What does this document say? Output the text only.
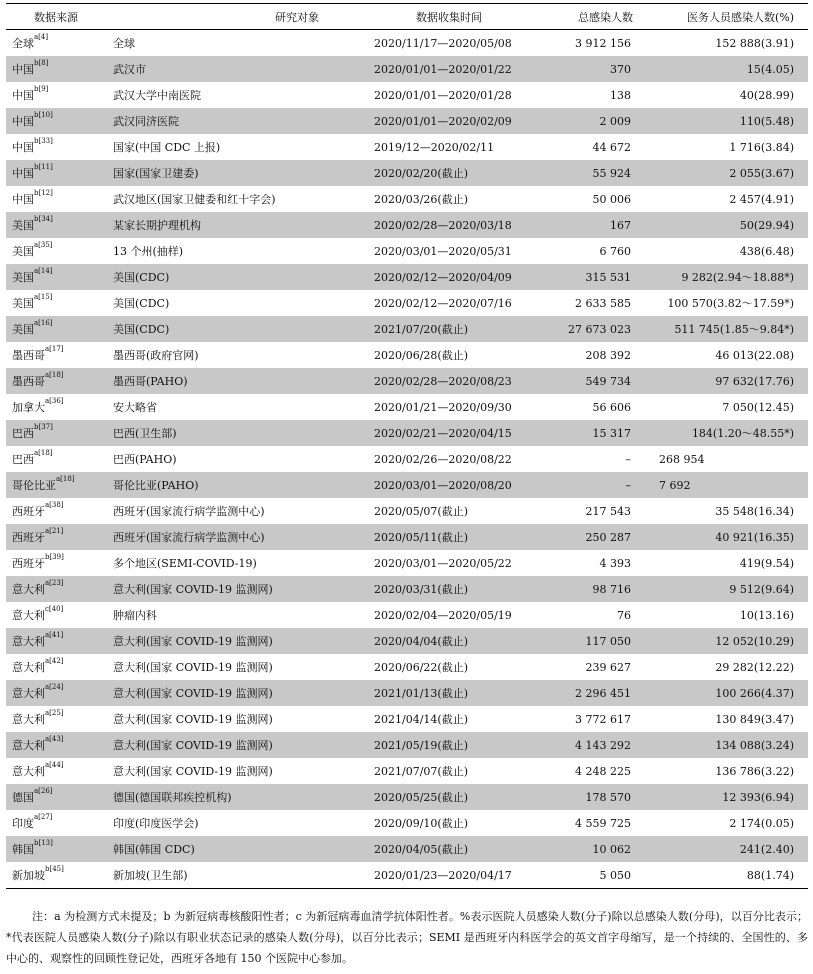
数据来源	研究对象	数据收集时间	总感染人数	医务人员感染人数(%)
全球$^{a[4]}$	全球	2020/11/17—2020/05/08	3 912 156	152 888(3.91)
中国$^{b[8]}$	武汉市	2020/01/01—2020/01/22	370	15(4.05)
中国$^{b[9]}$	武汉大学中南医院	2020/01/01—2020/01/28	138	40(28.99)
中国$^{b[10]}$	武汉同济医院	2020/01/01—2020/02/09	2 009	110(5.48)
中国$^{b[33]}$	国家(中国 CDC 上报)	2019/12—2020/02/11	44 672	1 716(3.84)
中国$^{b[11]}$	国家(国家卫建委)	2020/02/20(截止)	55 924	2 055(3.67)
中国$^{b[12]}$	武汉地区(国家卫健委和红十字会)	2020/03/26(截止)	50 006	2 457(4.91)
美国$^{b[34]}$	某家长期护理机构	2020/02/28—2020/03/18	167	50(29.94)
美国$^{a[35]}$	13 个州(抽样)	2020/03/01—2020/05/31	6 760	438(6.48)
美国$^{a[14]}$	美国(CDC)	2020/02/12—2020/04/09	315 531	9 282(2.94～18.88*)
美国$^{a[15]}$	美国(CDC)	2020/02/12—2020/07/16	2 633 585	100 570(3.82～17.59*)
美国$^{a[16]}$	美国(CDC)	2021/07/20(截止)	27 673 023	511 745(1.85～9.84*)
墨西哥$^{a[17]}$	墨西哥(政府官网)	2020/06/28(截止)	208 392	46 013(22.08)
墨西哥$^{a[18]}$	墨西哥(PAHO)	2020/02/28—2020/08/23	549 734	97 632(17.76)
加拿大$^{a[36]}$	安大略省	2020/01/21—2020/09/30	56 606	7 050(12.45)
巴西$^{b[37]}$	巴西(卫生部)	2020/02/21—2020/04/15	15 317	184(1.20～48.55*)
巴西$^{a[18]}$	巴西(PAHO)	2020/02/26—2020/08/22	–	268 954
哥伦比亚$^{a[18]}$	哥伦比亚(PAHO)	2020/03/01—2020/08/20	–	7 692
西班牙$^{a[38]}$	西班牙(国家流行病学监测中心)	2020/05/07(截止)	217 543	35 548(16.34)
西班牙$^{a[21]}$	西班牙(国家流行病学监测中心)	2020/05/11(截止)	250 287	40 921(16.35)
西班牙$^{b[39]}$	多个地区(SEMI-COVID-19)	2020/03/01—2020/05/22	4 393	419(9.54)
意大利$^{a[23]}$	意大利(国家 COVID-19 监测网)	2020/03/31(截止)	98 716	9 512(9.64)
意大利$^{c[40]}$	肿瘤内科	2020/02/04—2020/05/19	76	10(13.16)
意大利$^{a[41]}$	意大利(国家 COVID-19 监测网)	2020/04/04(截止)	117 050	12 052(10.29)
意大利$^{a[42]}$	意大利(国家 COVID-19 监测网)	2020/06/22(截止)	239 627	29 282(12.22)
意大利$^{a[24]}$	意大利(国家 COVID-19 监测网)	2021/01/13(截止)	2 296 451	100 266(4.37)
意大利$^{a[25]}$	意大利(国家 COVID-19 监测网)	2021/04/14(截止)	3 772 617	130 849(3.47)
意大利$^{a[43]}$	意大利(国家 COVID-19 监测网)	2021/05/19(截止)	4 143 292	134 088(3.24)
意大利$^{a[44]}$	意大利(国家 COVID-19 监测网)	2021/07/07(截止)	4 248 225	136 786(3.22)
德国$^{a[26]}$	德国(德国联邦疾控机构)	2020/05/25(截止)	178 570	12 393(6.94)
印度$^{a[27]}$	印度(印度医学会)	2020/09/10(截止)	4 559 725	2 174(0.05)
韩国$^{b[13]}$	韩国(韩国 CDC)	2020/04/05(截止)	10 062	241(2.40)
新加坡$^{b[45]}$	新加坡(卫生部)	2020/01/23—2020/04/17	5 050	88(1.74)

注：a 为检测方式未提及；b 为新冠病毒核酸阳性者；c 为新冠病毒血清学抗体阳性者。%表示医院人员感染人数(分子)除以总感染人数(分母)，以百分比表示；*代表医院人员感染人数(分子)除以有职业状态记录的感染人数(分母)，以百分比表示；SEMI 是西班牙内科医学会的英文首字母缩写，是一个持续的、全国性的、多中心的、观察性的回顾性登记处，西班牙各地有 150 个医院中心参加。
